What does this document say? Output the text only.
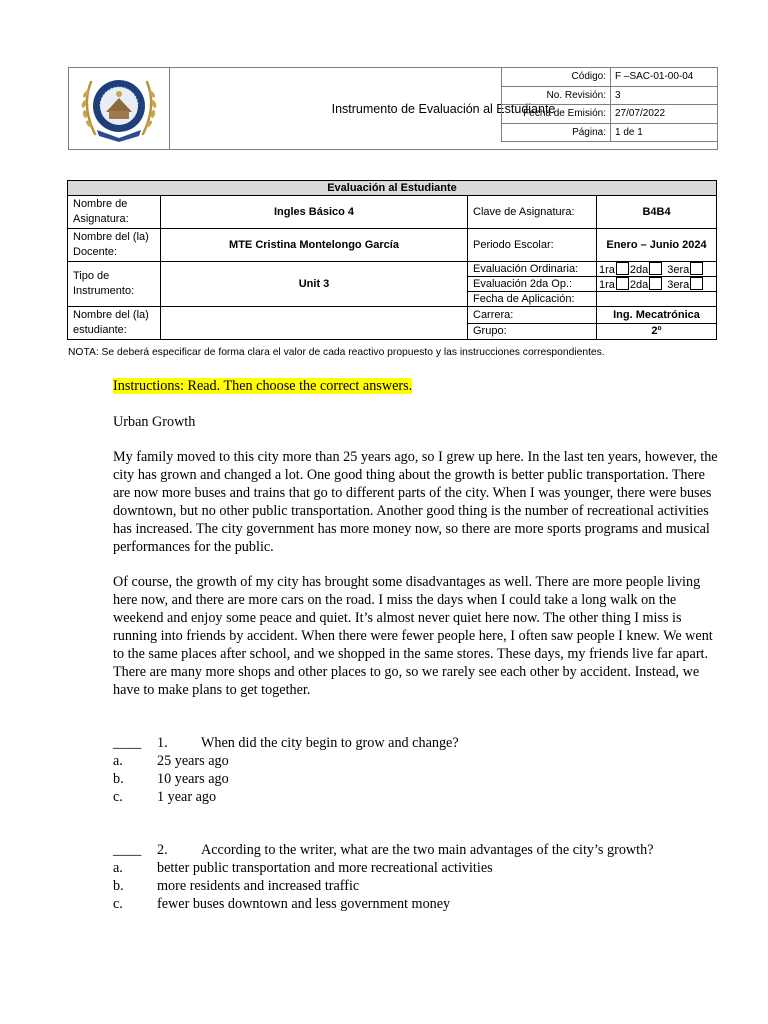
	Instrumento de Evaluación al Estudiante
Código:	F –SAC-01-00-04
No. Revisión:	3
Fecha de Emisión:	27/07/2022
Página:	1 de 1
Evaluación al Estudiante			
Nombre de Asignatura:	Ingles Básico 4	Clave de Asignatura:	B4B4
Nombre del (la) Docente:	MTE Cristina Montelongo García	Periodo Escolar:	Enero – Junio 2024
Tipo de Instrumento:	Unit 3	Evaluación Ordinaria:	1ra 2da 3era
		Evaluación 2da Op.:	1ra 2da 3era
		Fecha de Aplicación:	
Nombre del (la) estudiante:		Carrera:	Ing. Mecatrónica
		Grupo:	2º
NOTA: Se deberá especificar de forma clara el valor de cada reactivo propuesto y las instrucciones correspondientes.
Instructions: Read. Then choose the correct answers.
Urban Growth
My family moved to this city more than 25 years ago, so I grew up here. In the last ten years, however, the city has grown and changed a lot. One good thing about the growth is better public transportation. There are now more buses and trains that go to different parts of the city. When I was younger, there were buses downtown, but no other public transportation. Another good thing is the number of recreational activities has increased. The city government has more money now, so there are more sports programs and musical performances for the public.
Of course, the growth of my city has brought some disadvantages as well. There are more people living here now, and there are more cars on the road. I miss the days when I could take a long walk on the weekend and enjoy some peace and quiet. It’s almost never quiet here now. The other thing I miss is running into friends by accident. When there were fewer people here, I often saw people I knew. We went to the same places after school, and we shopped in the same stores. These days, my friends live far apart. There are many more shops and other places to go, so we rarely see each other by accident. Instead, we have to make plans to get together.
____ 1. When did the city begin to grow and change?
a. 25 years ago
b. 10 years ago
c. 1 year ago
____ 2. According to the writer, what are the two main advantages of the city’s growth?
a. better public transportation and more recreational activities
b. more residents and increased traffic
c. fewer buses downtown and less government money
